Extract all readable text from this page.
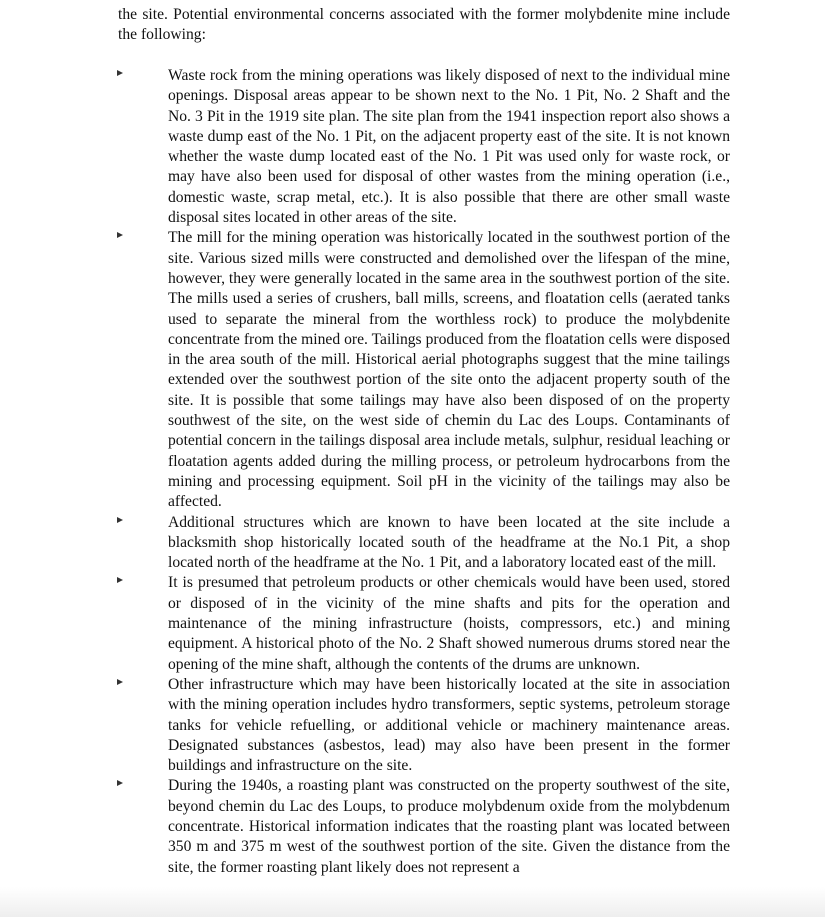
the site. Potential environmental concerns associated with the former molybdenite mine include the following:

Waste rock from the mining operations was likely disposed of next to the individual mine openings. Disposal areas appear to be shown next to the No. 1 Pit, No. 2 Shaft and the No. 3 Pit in the 1919 site plan. The site plan from the 1941 inspection report also shows a waste dump east of the No. 1 Pit, on the adjacent property east of the site. It is not known whether the waste dump located east of the No. 1 Pit was used only for waste rock, or may have also been used for disposal of other wastes from the mining operation (i.e., domestic waste, scrap metal, etc.). It is also possible that there are other small waste disposal sites located in other areas of the site.

The mill for the mining operation was historically located in the southwest portion of the site. Various sized mills were constructed and demolished over the lifespan of the mine, however, they were generally located in the same area in the southwest portion of the site. The mills used a series of crushers, ball mills, screens, and floatation cells (aerated tanks used to separate the mineral from the worthless rock) to produce the molybdenite concentrate from the mined ore. Tailings produced from the floatation cells were disposed in the area south of the mill. Historical aerial photographs suggest that the mine tailings extended over the southwest portion of the site onto the adjacent property south of the site. It is possible that some tailings may have also been disposed of on the property southwest of the site, on the west side of chemin du Lac des Loups. Contaminants of potential concern in the tailings disposal area include metals, sulphur, residual leaching or floatation agents added during the milling process, or petroleum hydrocarbons from the mining and processing equipment. Soil pH in the vicinity of the tailings may also be affected.

Additional structures which are known to have been located at the site include a blacksmith shop historically located south of the headframe at the No.1 Pit, a shop located north of the headframe at the No. 1 Pit, and a laboratory located east of the mill.

It is presumed that petroleum products or other chemicals would have been used, stored or disposed of in the vicinity of the mine shafts and pits for the operation and maintenance of the mining infrastructure (hoists, compressors, etc.) and mining equipment. A historical photo of the No. 2 Shaft showed numerous drums stored near the opening of the mine shaft, although the contents of the drums are unknown.

Other infrastructure which may have been historically located at the site in association with the mining operation includes hydro transformers, septic systems, petroleum storage tanks for vehicle refuelling, or additional vehicle or machinery maintenance areas. Designated substances (asbestos, lead) may also have been present in the former buildings and infrastructure on the site.

During the 1940s, a roasting plant was constructed on the property southwest of the site, beyond chemin du Lac des Loups, to produce molybdenum oxide from the molybdenum concentrate. Historical information indicates that the roasting plant was located between 350 m and 375 m west of the southwest portion of the site. Given the distance from the site, the former roasting plant likely does not represent a
